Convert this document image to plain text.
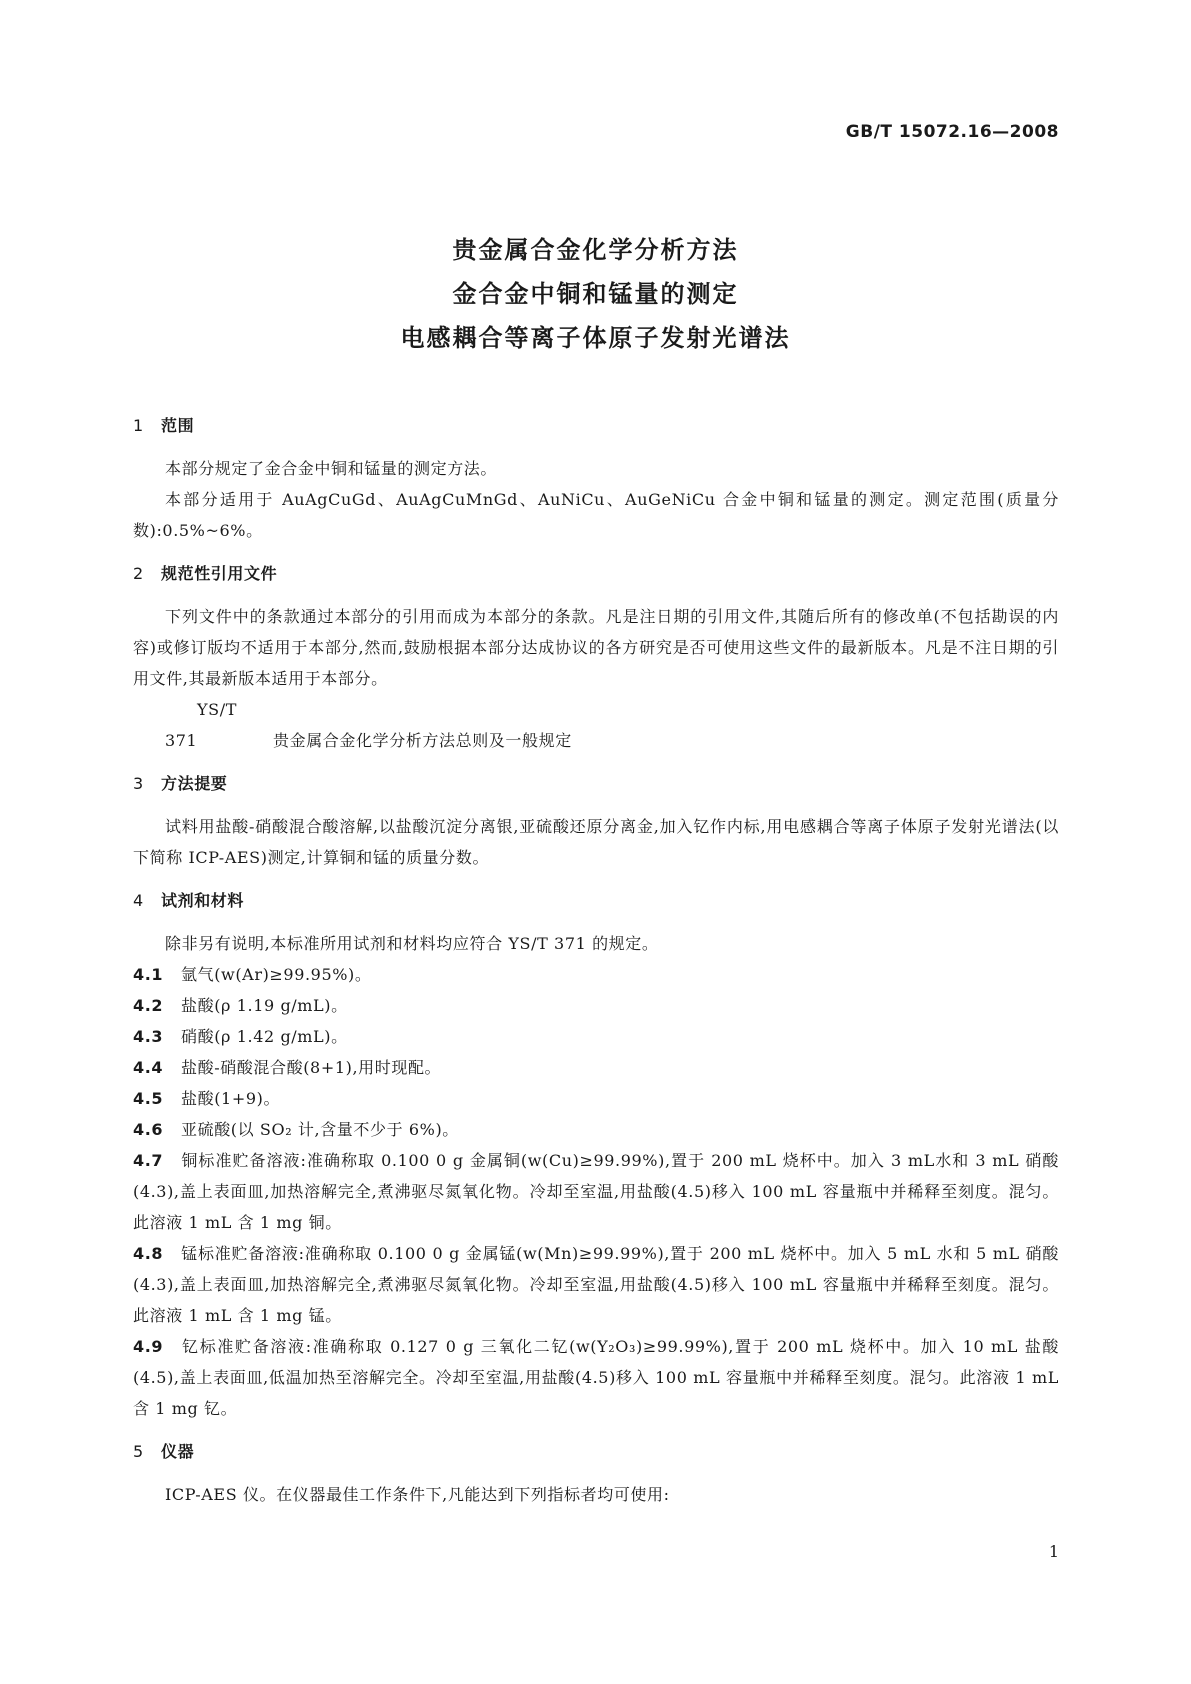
GB/T 15072.16—2008
贵金属合金化学分析方法
金合金中铜和锰量的测定
电感耦合等离子体原子发射光谱法
1 范围
本部分规定了金合金中铜和锰量的测定方法。
本部分适用于 AuAgCuGd、AuAgCuMnGd、AuNiCu、AuGeNiCu 合金中铜和锰量的测定。测定范围(质量分数):0.5%~6%。
2 规范性引用文件
下列文件中的条款通过本部分的引用而成为本部分的条款。凡是注日期的引用文件,其随后所有的修改单(不包括勘误的内容)或修订版均不适用于本部分,然而,鼓励根据本部分达成协议的各方研究是否可使用这些文件的最新版本。凡是不注日期的引用文件,其最新版本适用于本部分。
YS/T 371	贵金属合金化学分析方法总则及一般规定
3 方法提要
试料用盐酸-硝酸混合酸溶解,以盐酸沉淀分离银,亚硫酸还原分离金,加入钇作内标,用电感耦合等离子体原子发射光谱法(以下简称 ICP-AES)测定,计算铜和锰的质量分数。
4 试剂和材料
除非另有说明,本标准所用试剂和材料均应符合 YS/T 371 的规定。
4.1 氩气(w(Ar)≥99.95%)。
4.2 盐酸(ρ 1.19 g/mL)。
4.3 硝酸(ρ 1.42 g/mL)。
4.4 盐酸-硝酸混合酸(8+1),用时现配。
4.5 盐酸(1+9)。
4.6 亚硫酸(以 SO₂ 计,含量不少于 6%)。
4.7 铜标准贮备溶液:准确称取 0.100 0 g 金属铜(w(Cu)≥99.99%),置于 200 mL 烧杯中。加入 3 mL水和 3 mL 硝酸(4.3),盖上表面皿,加热溶解完全,煮沸驱尽氮氧化物。冷却至室温,用盐酸(4.5)移入 100 mL 容量瓶中并稀释至刻度。混匀。此溶液 1 mL 含 1 mg 铜。
4.8 锰标准贮备溶液:准确称取 0.100 0 g 金属锰(w(Mn)≥99.99%),置于 200 mL 烧杯中。加入 5 mL 水和 5 mL 硝酸(4.3),盖上表面皿,加热溶解完全,煮沸驱尽氮氧化物。冷却至室温,用盐酸(4.5)移入 100 mL 容量瓶中并稀释至刻度。混匀。此溶液 1 mL 含 1 mg 锰。
4.9 钇标准贮备溶液:准确称取 0.127 0 g 三氧化二钇(w(Y₂O₃)≥99.99%),置于 200 mL 烧杯中。加入 10 mL 盐酸(4.5),盖上表面皿,低温加热至溶解完全。冷却至室温,用盐酸(4.5)移入 100 mL 容量瓶中并稀释至刻度。混匀。此溶液 1 mL 含 1 mg 钇。
5 仪器
ICP-AES 仪。在仪器最佳工作条件下,凡能达到下列指标者均可使用:
1
